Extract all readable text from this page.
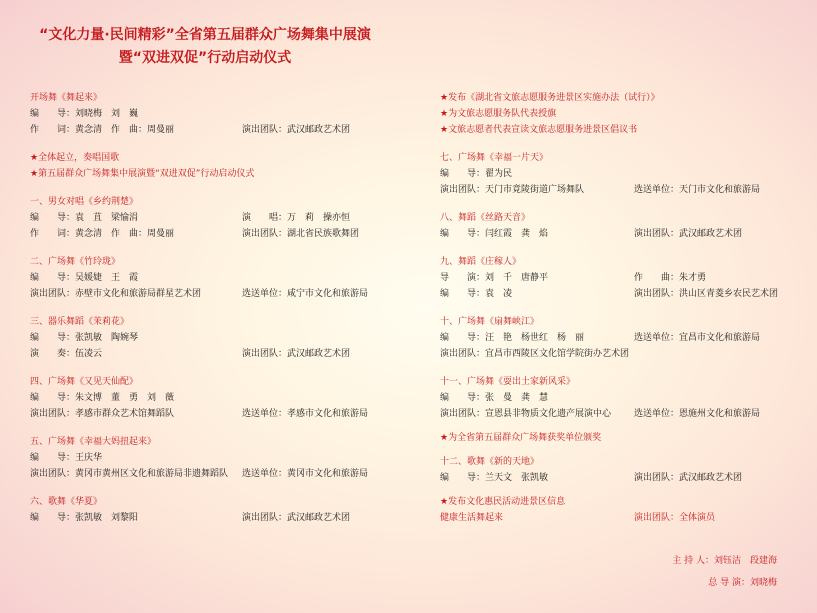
“文化力量·民间精彩”全省第五届群众广场舞集中展演
暨“双进双促”行动启动仪式
开场舞《舞起来》
编　　导：刘晓梅　刘　巍
作　　词：黄念清　作　曲：周曼丽	演出团队：武汉邮政艺术团
★全体起立，奏唱国歌
★第五届群众广场舞集中展演暨“双进双促”行动启动仪式
一、男女对唱《乡约荆楚》
编　　导：袁　苴　梁愉涓	演　　唱：万　莉　操亦恒
作　　词：黄念清　作　曲：周曼丽	演出团队：湖北省民族歌舞团
二、广场舞《竹玲珑》
编　　导：吴媛婕　王　霞
演出团队：赤壁市文化和旅游局群星艺术团	选送单位：咸宁市文化和旅游局
三、器乐舞蹈《茉莉花》
编　　导：张凯敏　陶婉琴
演　　奏：伍凌云	演出团队：武汉邮政艺术团
四、广场舞《又见天仙配》
编　　导：朱文博　董　勇　刘　薇
演出团队：孝感市群众艺术馆舞蹈队	选送单位：孝感市文化和旅游局
五、广场舞《幸福大妈扭起来》
编　　导：王庆华
演出团队：黄冈市黄州区文化和旅游局非遗舞蹈队 选送单位：黄冈市文化和旅游局
六、歌舞《华夏》
编　　导：张凯敏　刘黎阳	演出团队：武汉邮政艺术团
★发布《湖北省文旅志愿服务进景区实施办法（试行）》
★为文旅志愿服务队代表授旗
★文旅志愿者代表宣读文旅志愿服务进景区倡议书
七、广场舞《幸福一片天》
编　　导：翟为民
演出团队：天门市竟陵街道广场舞队	选送单位：天门市文化和旅游局
八、舞蹈《丝路天音》
编　　导：闫红霞　龚　焰	演出团队：武汉邮政艺术团
九、舞蹈《庄稼人》
导　　演：刘　千　唐静平	作　　曲：朱才勇
编　　导：袁　凌	演出团队：洪山区青菱乡农民艺术团
十、广场舞《扇舞峡江》
编　　导：汪　艳　杨世红　杨　丽	选送单位：宜昌市文化和旅游局
演出团队：宜昌市西陵区文化馆学院街办艺术团
十一、广场舞《耍出土家新风采》
编　　导：张　曼　龚　慧
演出团队：宣恩县非物质文化遗产展演中心	选送单位：恩施州文化和旅游局
★为全省第五届群众广场舞获奖单位颁奖
十二、歌舞《新的天地》
编　　导：兰天文　张凯敏	演出团队：武汉邮政艺术团
★发布文化惠民活动进景区信息
健康生活舞起来	演出团队：全体演员
主 持 人：刘钰洁　段建海
总 导 演：刘晓梅
